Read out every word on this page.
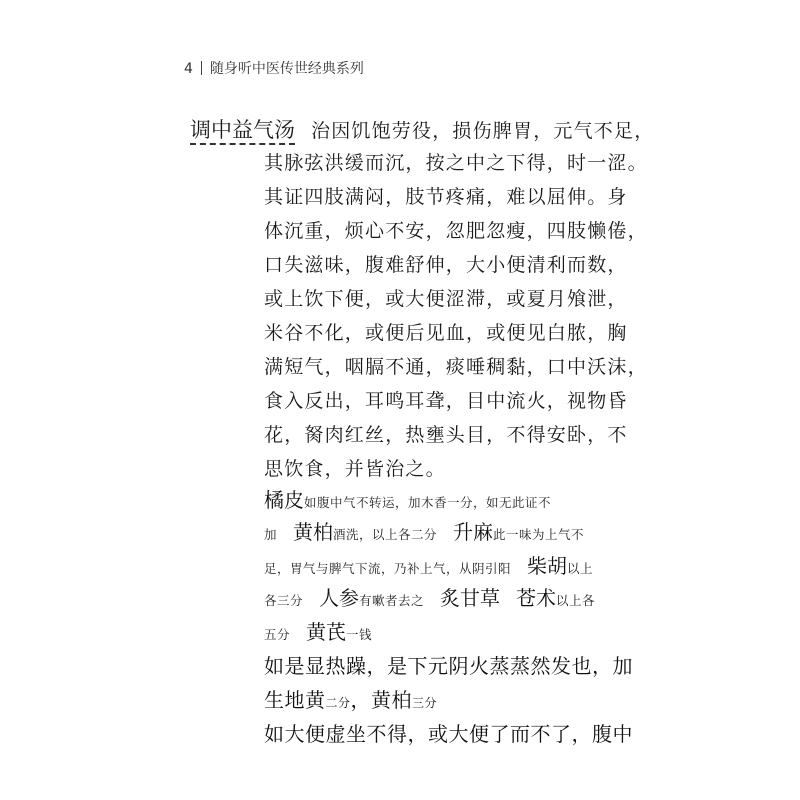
4 随身听中医传世经典系列
调中益气汤 治因饥饱劳役，损伤脾胃，元气不足，
其脉弦洪缓而沉，按之中之下得，时一涩。
其证四肢满闷，肢节疼痛，难以屈伸。身
体沉重，烦心不安，忽肥忽瘦，四肢懒倦，
口失滋味，腹难舒伸，大小便清利而数，
或上饮下便，或大便涩滞，或夏月飧泄，
米谷不化，或便后见血，或便见白脓，胸
满短气，咽膈不通，痰唾稠黏，口中沃沫，
食入反出，耳鸣耳聋，目中流火，视物昏
花，胬肉红丝，热壅头目，不得安卧，不
思饮食，并皆治之。
橘皮如腹中气不转运，加木香一分，如无此证不
加 黄柏酒洗，以上各二分 升麻此一味为上气不
足，胃气与脾气下流，乃补上气，从阴引阳 柴胡以上
各三分 人参有嗽者去之 炙甘草 苍术以上各
五分 黄芪一钱
如是显热躁，是下元阴火蒸蒸然发也，加
生地黄二分，黄柏三分
如大便虚坐不得，或大便了而不了，腹中
